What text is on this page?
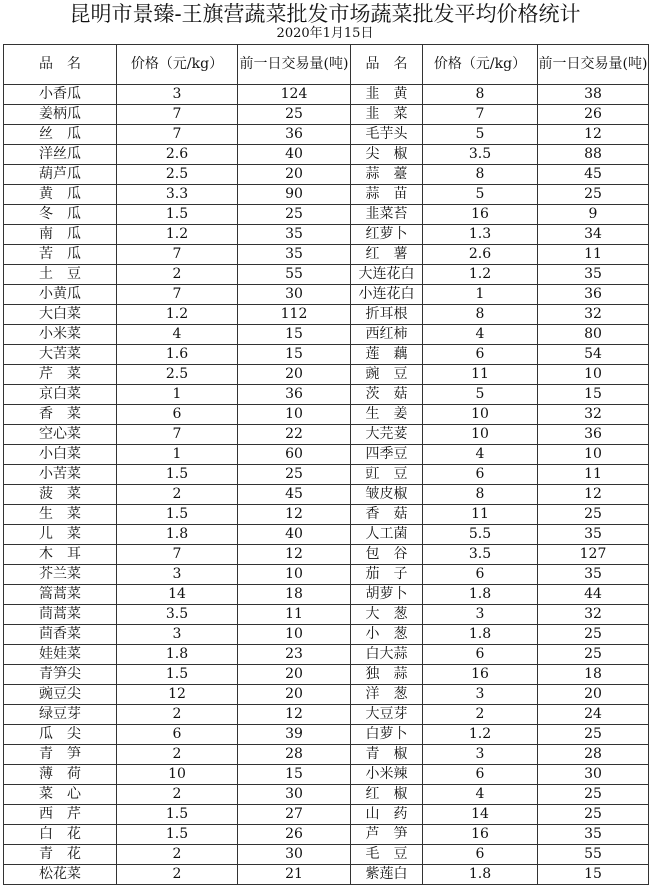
昆明市景臻-王旗营蔬菜批发市场蔬菜批发平均价格统计
2020年1月15日
品　名	价格（元/kg）	前一日交易量(吨)	品　名	价格（元/kg）	前一日交易量(吨)
小香瓜	3	124	韭　黄	8	38
姜柄瓜	7	25	韭　菜	7	26
丝　瓜	7	36	毛芋头	5	12
洋丝瓜	2.6	40	尖　椒	3.5	88
葫芦瓜	2.5	20	蒜　薹	8	45
黄　瓜	3.3	90	蒜　苗	5	25
冬　瓜	1.5	25	韭菜苔	16	9
南　瓜	1.2	35	红萝卜	1.3	34
苦　瓜	7	35	红　薯	2.6	11
土　豆	2	55	大连花白	1.2	35
小黄瓜	7	30	小连花白	1	36
大白菜	1.2	112	折耳根	8	32
小米菜	4	15	西红柿	4	80
大苦菜	1.6	15	莲　藕	6	54
芹　菜	2.5	20	豌　豆	11	10
京白菜	1	36	茨　菇	5	15
香　菜	6	10	生　姜	10	32
空心菜	7	22	大芫荽	10	36
小白菜	1	60	四季豆	4	10
小苦菜	1.5	25	豇　豆	6	11
菠　菜	2	45	皱皮椒	8	12
生　菜	1.5	12	香　菇	11	25
儿　菜	1.8	40	人工菌	5.5	35
木　耳	7	12	包　谷	3.5	127
芥兰菜	3	10	茄　子	6	35
篙蒿菜	14	18	胡萝卜	1.8	44
茼蒿菜	3.5	11	大　葱	3	32
茴香菜	3	10	小　葱	1.8	25
娃娃菜	1.8	23	白大蒜	6	25
青笋尖	1.5	20	独　蒜	16	18
豌豆尖	12	20	洋　葱	3	20
绿豆芽	2	12	大豆芽	2	24
瓜　尖	6	39	白萝卜	1.2	25
青　笋	2	28	青　椒	3	28
薄　荷	10	15	小米辣	6	30
菜　心	2	30	红　椒	4	25
西　芹	1.5	27	山　药	14	25
白　花	1.5	26	芦　笋	16	35
青　花	2	30	毛　豆	6	55
松花菜	2	21	紫莲白	1.8	15
